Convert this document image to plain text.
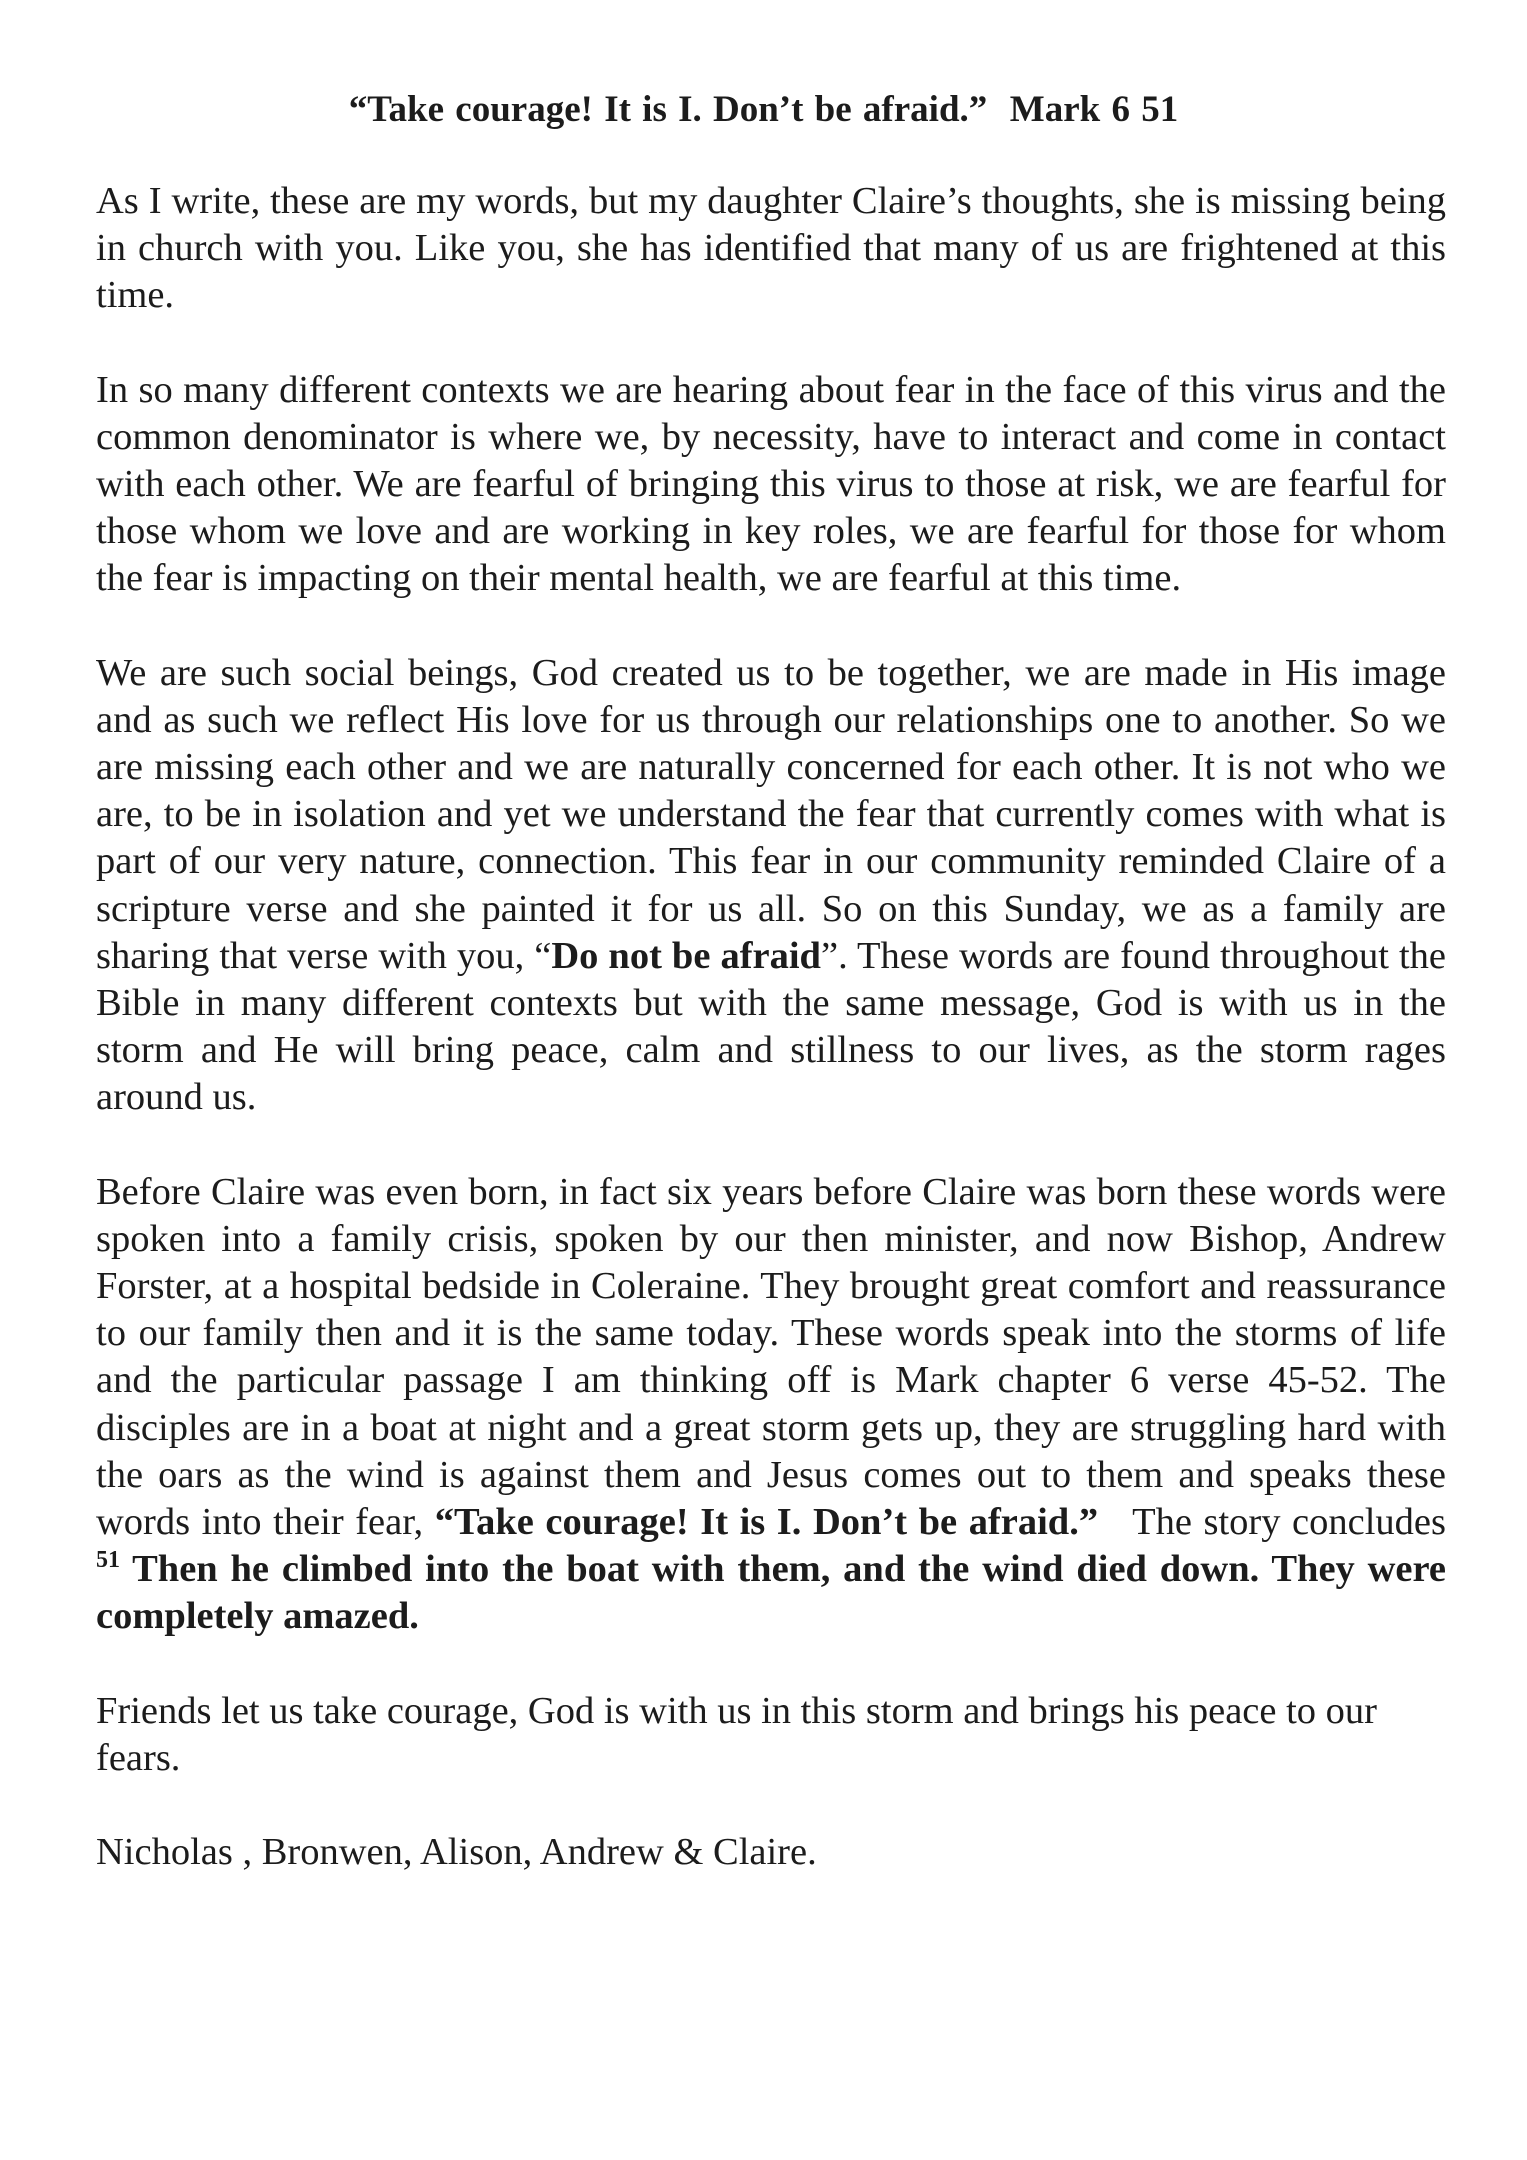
“Take courage! It is I. Don’t be afraid.” Mark 6 51

As I write, these are my words, but my daughter Claire’s thoughts, she is missing being in church with you. Like you, she has identified that many of us are frightened at this time.

In so many different contexts we are hearing about fear in the face of this virus and the common denominator is where we, by necessity, have to interact and come in contact with each other. We are fearful of bringing this virus to those at risk, we are fearful for those whom we love and are working in key roles, we are fearful for those for whom the fear is impacting on their mental health, we are fearful at this time.

We are such social beings, God created us to be together, we are made in His image and as such we reflect His love for us through our relationships one to another. So we are missing each other and we are naturally concerned for each other. It is not who we are, to be in isolation and yet we understand the fear that currently comes with what is part of our very nature, connection. This fear in our community reminded Claire of a scripture verse and she painted it for us all. So on this Sunday, we as a family are sharing that verse with you, “Do not be afraid”. These words are found throughout the Bible in many different contexts but with the same message, God is with us in the storm and He will bring peace, calm and stillness to our lives, as the storm rages around us.

Before Claire was even born, in fact six years before Claire was born these words were spoken into a family crisis, spoken by our then minister, and now Bishop, Andrew Forster, at a hospital bedside in Coleraine. They brought great comfort and reassurance to our family then and it is the same today. These words speak into the storms of life and the particular passage I am thinking off is Mark chapter 6 verse 45-52. The disciples are in a boat at night and a great storm gets up, they are struggling hard with the oars as the wind is against them and Jesus comes out to them and speaks these words into their fear, “Take courage! It is I. Don’t be afraid.”   The story concludes $^{51}$ Then he climbed into the boat with them, and the wind died down. They were completely amazed.

Friends let us take courage, God is with us in this storm and brings his peace to our fears.

Nicholas , Bronwen, Alison, Andrew & Claire.
